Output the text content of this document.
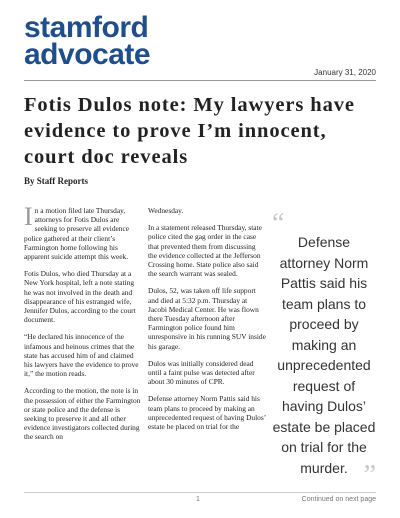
stamford
advocate
January 31, 2020
Fotis Dulos note: My lawyers have evidence to prove I’m innocent, court doc reveals
By Staff Reports

In a motion filed late Thursday, attorneys for Fotis Dulos are seeking to preserve all evidence police gathered at their client’s Farmington home following his apparent suicide attempt this week.

Fotis Dulos, who died Thursday at a New York hospital, left a note stating he was not involved in the death and disappearance of his estranged wife, Jennifer Dulos, according to the court document.

“He declared his innocence of the infamous and heinous crimes that the state has accused him of and claimed his lawyers have the evidence to prove it,” the motion reads.

According to the motion, the note is in the possession of either the Farmington or state police and the defense is seeking to preserve it and all other evidence investigators collected during the search on

Wednesday.

In a statement released Thursday, state police cited the gag order in the case that prevented them from discussing the evidence collected at the Jefferson Crossing home. State police also said the search warrant was sealed.

Dulos, 52, was taken off life support and died at 5:32 p.m. Thursday at Jacobi Medical Center. He was flown there Tuesday afternoon after Farmington police found him unresponsive in his running SUV inside his garage.

Dulos was initially considered dead until a faint pulse was detected after about 30 minutes of CPR.

Defense attorney Norm Pattis said his team plans to proceed by making an unprecedented request of having Dulos’ estate be placed on trial for the

“

Defense attorney Norm Pattis said his team plans to proceed by making an unprecedented request of having Dulos’ estate be placed on trial for the murder. ”
1	Continued on next page
